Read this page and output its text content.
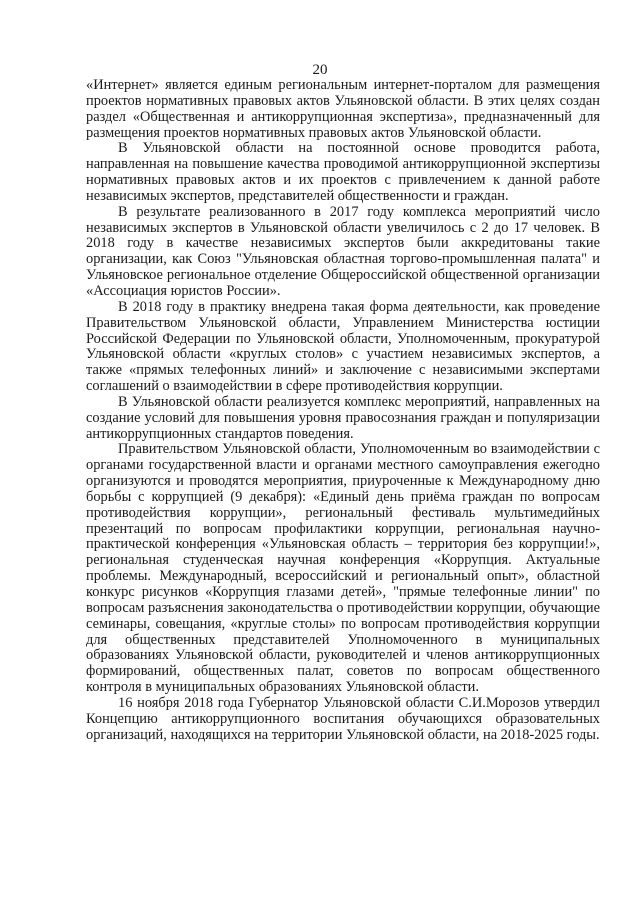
20

«Интернет» является единым региональным интернет-порталом для размещения проектов нормативных правовых актов Ульяновской области. В этих целях создан раздел «Общественная и антикоррупционная экспертиза», предназначенный для размещения проектов нормативных правовых актов Ульяновской области.

В Ульяновской области на постоянной основе проводится работа, направленная на повышение качества проводимой антикоррупционной экспертизы нормативных правовых актов и их проектов с привлечением к данной работе независимых экспертов, представителей общественности и граждан.

В результате реализованного в 2017 году комплекса мероприятий число независимых экспертов в Ульяновской области увеличилось с 2 до 17 человек. В 2018 году в качестве независимых экспертов были аккредитованы такие организации, как Союз "Ульяновская областная торгово-промышленная палата" и Ульяновское региональное отделение Общероссийской общественной организации «Ассоциация юристов России».

В 2018 году в практику внедрена такая форма деятельности, как проведение Правительством Ульяновской области, Управлением Министерства юстиции Российской Федерации по Ульяновской области, Уполномоченным, прокуратурой Ульяновской области «круглых столов» с участием независимых экспертов, а также «прямых телефонных линий» и заключение с независимыми экспертами соглашений о взаимодействии в сфере противодействия коррупции.

В Ульяновской области реализуется комплекс мероприятий, направленных на создание условий для повышения уровня правосознания граждан и популяризации антикоррупционных стандартов поведения.

Правительством Ульяновской области, Уполномоченным во взаимодействии с органами государственной власти и органами местного самоуправления ежегодно организуются и проводятся мероприятия, приуроченные к Международному дню борьбы с коррупцией (9 декабря): «Единый день приёма граждан по вопросам противодействия коррупции», региональный фестиваль мультимедийных презентаций по вопросам профилактики коррупции, региональная научно-практической конференция «Ульяновская область – территория без коррупции!», региональная студенческая научная конференция «Коррупция. Актуальные проблемы. Международный, всероссийский и региональный опыт», областной конкурс рисунков «Коррупция глазами детей», "прямые телефонные линии" по вопросам разъяснения законодательства о противодействии коррупции, обучающие семинары, совещания, «круглые столы» по вопросам противодействия коррупции для общественных представителей Уполномоченного в муниципальных образованиях Ульяновской области, руководителей и членов антикоррупционных формирований, общественных палат, советов по вопросам общественного контроля в муниципальных образованиях Ульяновской области.

16 ноября 2018 года Губернатор Ульяновской области С.И.Морозов утвердил Концепцию антикоррупционного воспитания обучающихся образовательных организаций, находящихся на территории Ульяновской области, на 2018-2025 годы.
